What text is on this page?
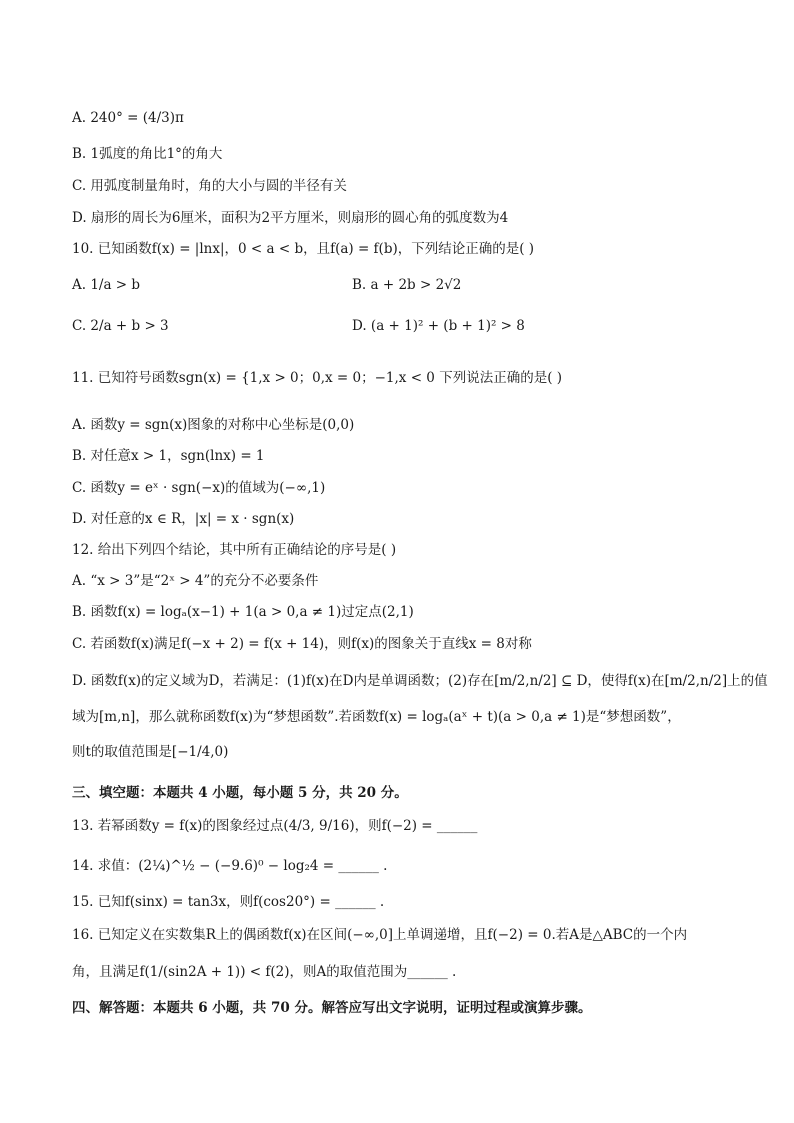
A. 240° = (4/3)π
B. 1弧度的角比1°的角大
C. 用弧度制量角时，角的大小与圆的半径有关
D. 扇形的周长为6厘米，面积为2平方厘米，则扇形的圆心角的弧度数为4
10. 已知函数f(x) = |lnx|，0 < a < b，且f(a) = f(b)，下列结论正确的是( )
A. 1/a > b	B. a + 2b > 2√2
C. 2/a + b > 3	D. (a + 1)² + (b + 1)² > 8
11. 已知符号函数sgn(x) = {1,x > 0；0,x = 0；−1,x < 0 下列说法正确的是( )
A. 函数y = sgn(x)图象的对称中心坐标是(0,0)
B. 对任意x > 1，sgn(lnx) = 1
C. 函数y = eˣ · sgn(−x)的值域为(−∞,1)
D. 对任意的x ∈ R，|x| = x · sgn(x)
12. 给出下列四个结论，其中所有正确结论的序号是( )
A. “x > 3”是“2ˣ > 4”的充分不必要条件
B. 函数f(x) = logₐ(x−1) + 1(a > 0,a ≠ 1)过定点(2,1)
C. 若函数f(x)满足f(−x + 2) = f(x + 14)，则f(x)的图象关于直线x = 8对称
D. 函数f(x)的定义域为D，若满足：(1)f(x)在D内是单调函数；(2)存在[m/2,n/2] ⊆ D，使得f(x)在[m/2,n/2]上的值
域为[m,n]，那么就称函数f(x)为“梦想函数”.若函数f(x) = logₐ(aˣ + t)(a > 0,a ≠ 1)是“梦想函数”，
则t的取值范围是[−1/4,0)
三、填空题：本题共 4 小题，每小题 5 分，共 20 分。
13. 若幂函数y = f(x)的图象经过点(4/3, 9/16)，则f(−2) = ______
14. 求值：(2¼)^½ − (−9.6)⁰ − log₂4 = ______ .
15. 已知f(sinx) = tan3x，则f(cos20°) = ______ .
16. 已知定义在实数集R上的偶函数f(x)在区间(−∞,0]上单调递增，且f(−2) = 0.若A是△ABC的一个内
角，且满足f(1/(sin2A + 1)) < f(2)，则A的取值范围为______ .
四、解答题：本题共 6 小题，共 70 分。解答应写出文字说明，证明过程或演算步骤。
